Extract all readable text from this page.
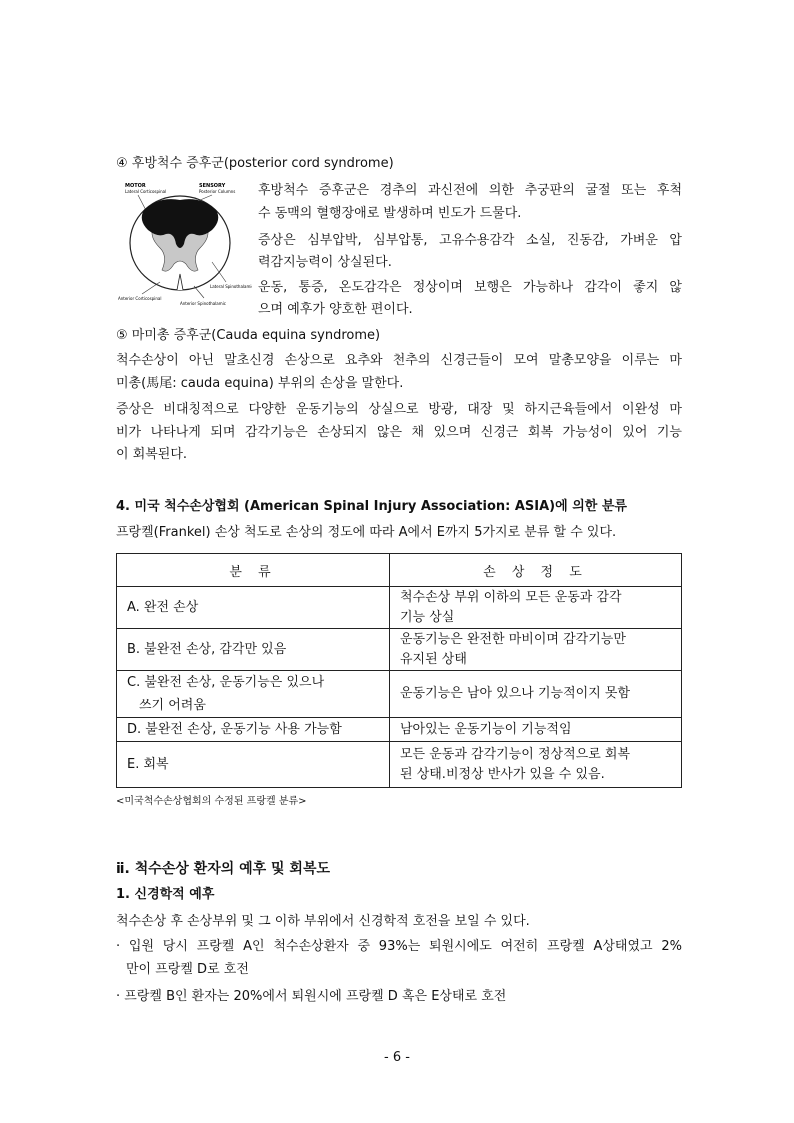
④ 후방척수 증후군(posterior cord syndrome)
MOTOR
Lateral Corticospinal
SENSORY
Posterior Columns
Lateral Spinothalamic
Anterior Corticospinal
Anterior Spinothalamic
후방척수 증후군은 경추의 과신전에 의한 추궁판의 굴절 또는 후척
수 동맥의 혈행장애로 발생하며 빈도가 드물다.
증상은 심부압박, 심부압통, 고유수용감각 소실, 진동감, 가벼운 압
력감지능력이 상실된다.
운동, 통증, 온도감각은 정상이며 보행은 가능하나 감각이 좋지 않
으며 예후가 양호한 편이다.
⑤ 마미총 증후군(Cauda equina syndrome)
척수손상이 아닌 말초신경 손상으로 요추와 천추의 신경근들이 모여 말총모양을 이루는 마
미총(馬尾: cauda equina) 부위의 손상을 말한다.
증상은 비대칭적으로 다양한 운동기능의 상실으로 방광, 대장 및 하지근육들에서 이완성 마
비가 나타나게 되며 감각기능은 손상되지 않은 채 있으며 신경근 회복 가능성이 있어 기능
이 회복된다.
4. 미국 척수손상협회 (American Spinal Injury Association: ASIA)에 의한 분류
프랑켈(Frankel) 손상 척도로 손상의 정도에 따라 A에서 E까지 5가지로 분류 할 수 있다.
분 류	손 상 정 도

A. 완전 손상	척수손상 부위 이하의 모든 운동과 감각
기능 상실

B. 불완전 손상, 감각만 있음	운동기능은 완전한 마비이며 감각기능만
유지된 상태

C. 불완전 손상, 운동기능은 있으나
쓰기 어려움	운동기능은 남아 있으나 기능적이지 못함

D. 불완전 손상, 운동기능 사용 가능함	남아있는 운동기능이 기능적임

E. 회복	모든 운동과 감각기능이 정상적으로 회복
된 상태.비정상 반사가 있을 수 있음.
<미국척수손상협회의 수정된 프랑켈 분류>
ⅱ. 척수손상 환자의 예후 및 회복도
1. 신경학적 예후
척수손상 후 손상부위 및 그 이하 부위에서 신경학적 호전을 보일 수 있다.
· 입원 당시 프랑켈 A인 척수손상환자 중 93%는 퇴원시에도 여전히 프랑켈 A상태였고 2%
만이 프랑켈 D로 호전
· 프랑켈 B인 환자는 20%에서 퇴원시에 프랑켈 D 혹은 E상태로 호전
- 6 -
